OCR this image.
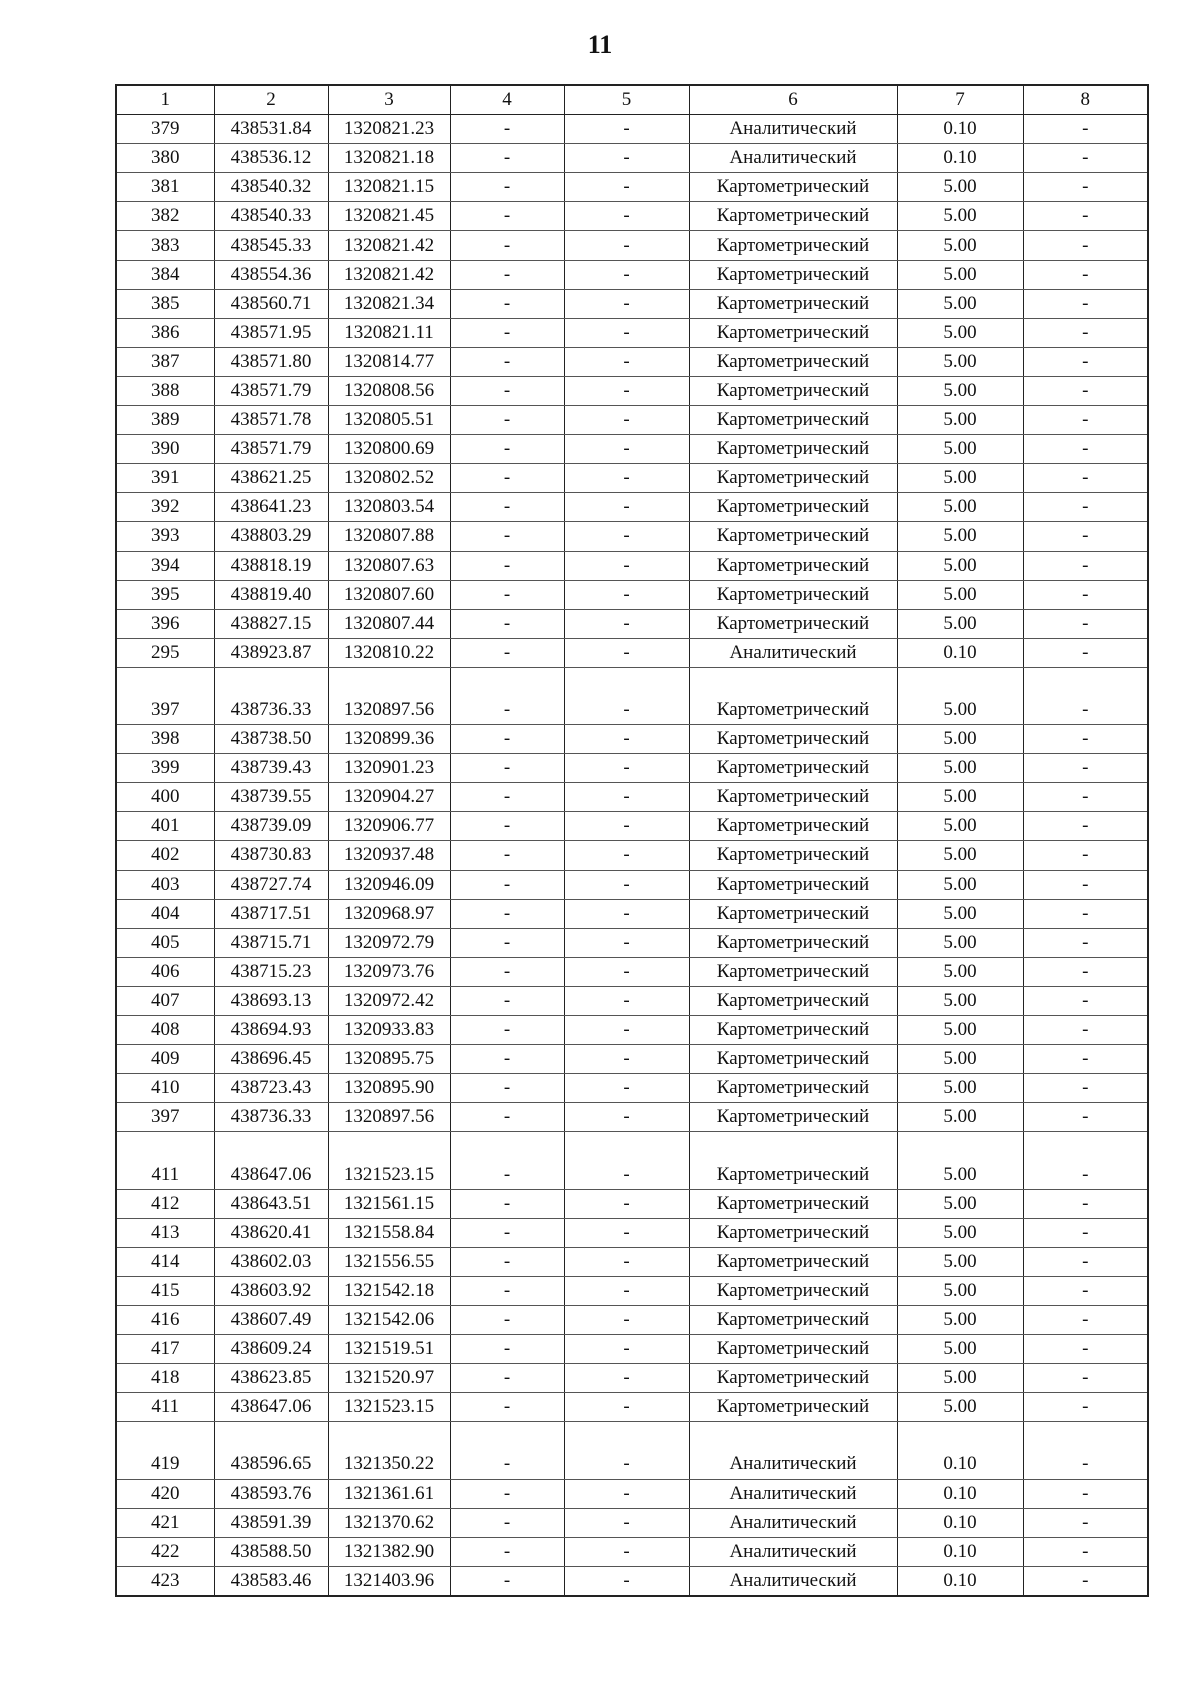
11
1	2	3	4	5	6	7	8
379	438531.84	1320821.23	-	-	Аналитический	0.10	-
380	438536.12	1320821.18	-	-	Аналитический	0.10	-
381	438540.32	1320821.15	-	-	Картометрический	5.00	-
382	438540.33	1320821.45	-	-	Картометрический	5.00	-
383	438545.33	1320821.42	-	-	Картометрический	5.00	-
384	438554.36	1320821.42	-	-	Картометрический	5.00	-
385	438560.71	1320821.34	-	-	Картометрический	5.00	-
386	438571.95	1320821.11	-	-	Картометрический	5.00	-
387	438571.80	1320814.77	-	-	Картометрический	5.00	-
388	438571.79	1320808.56	-	-	Картометрический	5.00	-
389	438571.78	1320805.51	-	-	Картометрический	5.00	-
390	438571.79	1320800.69	-	-	Картометрический	5.00	-
391	438621.25	1320802.52	-	-	Картометрический	5.00	-
392	438641.23	1320803.54	-	-	Картометрический	5.00	-
393	438803.29	1320807.88	-	-	Картометрический	5.00	-
394	438818.19	1320807.63	-	-	Картометрический	5.00	-
395	438819.40	1320807.60	-	-	Картометрический	5.00	-
396	438827.15	1320807.44	-	-	Картометрический	5.00	-
295	438923.87	1320810.22	-	-	Аналитический	0.10	-

397	438736.33	1320897.56	-	-	Картометрический	5.00	-
398	438738.50	1320899.36	-	-	Картометрический	5.00	-
399	438739.43	1320901.23	-	-	Картометрический	5.00	-
400	438739.55	1320904.27	-	-	Картометрический	5.00	-
401	438739.09	1320906.77	-	-	Картометрический	5.00	-
402	438730.83	1320937.48	-	-	Картометрический	5.00	-
403	438727.74	1320946.09	-	-	Картометрический	5.00	-
404	438717.51	1320968.97	-	-	Картометрический	5.00	-
405	438715.71	1320972.79	-	-	Картометрический	5.00	-
406	438715.23	1320973.76	-	-	Картометрический	5.00	-
407	438693.13	1320972.42	-	-	Картометрический	5.00	-
408	438694.93	1320933.83	-	-	Картометрический	5.00	-
409	438696.45	1320895.75	-	-	Картометрический	5.00	-
410	438723.43	1320895.90	-	-	Картометрический	5.00	-
397	438736.33	1320897.56	-	-	Картометрический	5.00	-

411	438647.06	1321523.15	-	-	Картометрический	5.00	-
412	438643.51	1321561.15	-	-	Картометрический	5.00	-
413	438620.41	1321558.84	-	-	Картометрический	5.00	-
414	438602.03	1321556.55	-	-	Картометрический	5.00	-
415	438603.92	1321542.18	-	-	Картометрический	5.00	-
416	438607.49	1321542.06	-	-	Картометрический	5.00	-
417	438609.24	1321519.51	-	-	Картометрический	5.00	-
418	438623.85	1321520.97	-	-	Картометрический	5.00	-
411	438647.06	1321523.15	-	-	Картометрический	5.00	-

419	438596.65	1321350.22	-	-	Аналитический	0.10	-
420	438593.76	1321361.61	-	-	Аналитический	0.10	-
421	438591.39	1321370.62	-	-	Аналитический	0.10	-
422	438588.50	1321382.90	-	-	Аналитический	0.10	-
423	438583.46	1321403.96	-	-	Аналитический	0.10	-
